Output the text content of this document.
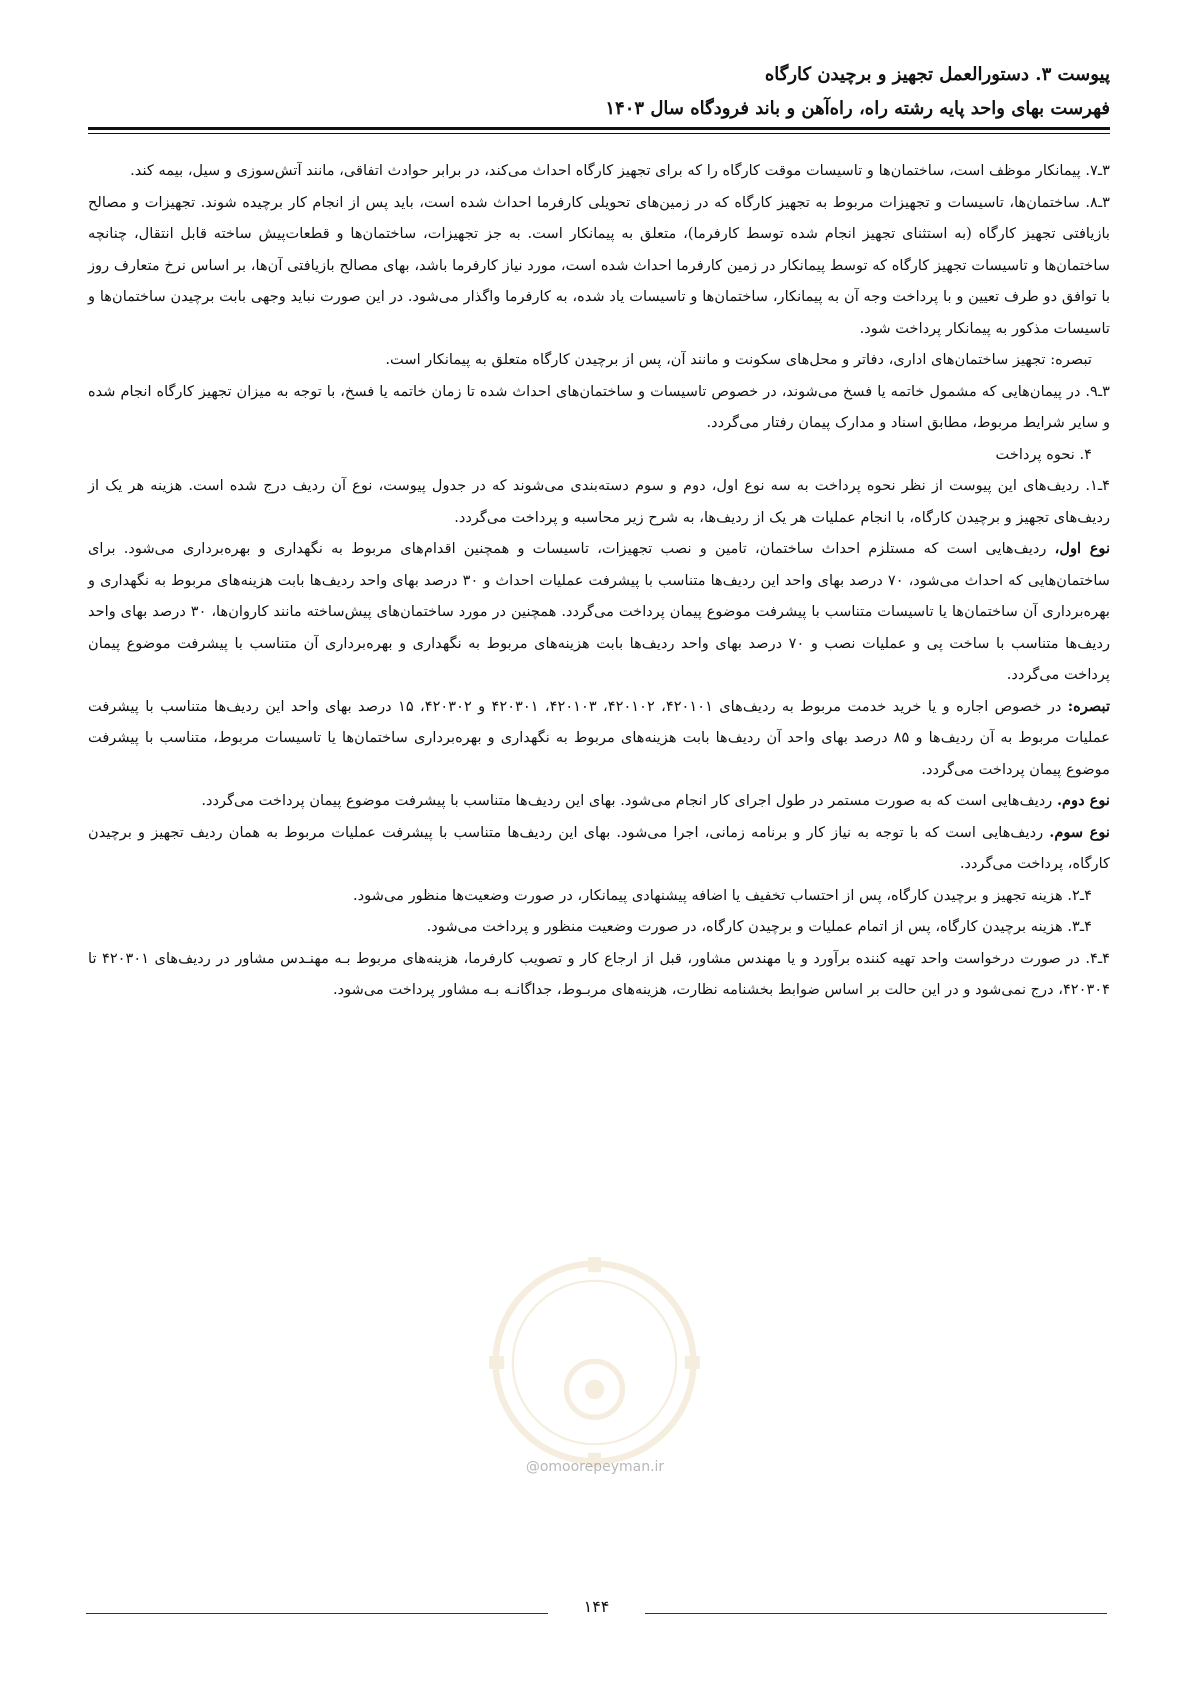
پیوست ۳. دستورالعمل تجهیز و برچیدن کارگاه
فهرست بهای واحد پایه رشته راه، راه‌آهن و باند فرودگاه سال ۱۴۰۳

۳ـ۷. پیمانکار موظف است، ساختمان‌ها و تاسیسات موقت کارگاه را که برای تجهیز کارگاه احداث می‌کند، در برابر حوادث اتفاقی، مانند آتش‌سوزی و سیل، بیمه کند.

۳ـ۸. ساختمان‌ها، تاسیسات و تجهیزات مربوط به تجهیز کارگاه که در زمین‌های تحویلی کارفرما احداث شده است، باید پس از انجام کار برچیده شوند. تجهیزات و مصالح بازیافتی تجهیز کارگاه (به استثنای تجهیز انجام شده توسط کارفرما)، متعلق به پیمانکار است. به جز تجهیزات، ساختمان‌ها و قطعات‌پیش ساخته قابل انتقال، چنانچه ساختمان‌ها و تاسیسات تجهیز کارگاه که توسط پیمانکار در زمین کارفرما احداث شده است، مورد نیاز کارفرما باشد، بهای مصالح بازیافتی آن‌ها، بر اساس نرخ متعارف روز با توافق دو طرف تعیین و با پرداخت وجه آن به پیمانکار، ساختمان‌ها و تاسیسات یاد شده، به کارفرما واگذار می‌شود. در این صورت نباید وجهی بابت برچیدن ساختمان‌ها و تاسیسات مذکور به پیمانکار پرداخت شود.

تبصره: تجهیز ساختمان‌های اداری، دفاتر و محل‌های سکونت و مانند آن، پس از برچیدن کارگاه متعلق به پیمانکار است.

۳ـ۹. در پیمان‌هایی که مشمول خاتمه یا فسخ می‌شوند، در خصوص تاسیسات و ساختمان‌های احداث شده تا زمان خاتمه یا فسخ، با توجه به میزان تجهیز کارگاه انجام شده و سایر شرایط مربوط، مطابق اسناد و مدارک پیمان رفتار می‌گردد.

۴. نحوه پرداخت

۴ـ۱. ردیف‌های این پیوست از نظر نحوه پرداخت به سه نوع اول، دوم و سوم دسته‌بندی می‌شوند که در جدول پیوست، نوع آن ردیف درج شده است. هزینه هر یک از ردیف‌های تجهیز و برچیدن کارگاه، با انجام عملیات هر یک از ردیف‌ها، به شرح زیر محاسبه و پرداخت می‌گردد.

نوع اول، ردیف‌هایی است که مستلزم احداث ساختمان، تامین و نصب تجهیزات، تاسیسات و همچنین اقدام‌های مربوط به نگهداری و بهره‌برداری می‌شود. برای ساختمان‌هایی که احداث می‌شود، ۷۰ درصد بهای واحد این ردیف‌ها متناسب با پیشرفت عملیات احداث و ۳۰ درصد بهای واحد ردیف‌ها بابت هزینه‌های مربوط به نگهداری و بهره‌برداری آن ساختمان‌ها یا تاسیسات متناسب با پیشرفت موضوع پیمان پرداخت می‌گردد. همچنین در مورد ساختمان‌های پیش‌ساخته مانند کاروان‌ها، ۳۰ درصد بهای واحد ردیف‌ها متناسب با ساخت پی و عملیات نصب و ۷۰ درصد بهای واحد ردیف‌ها بابت هزینه‌های مربوط به نگهداری و بهره‌برداری آن متناسب با پیشرفت موضوع پیمان پرداخت می‌گردد.

تبصره: در خصوص اجاره و یا خرید خدمت مربوط به ردیف‌های ۴۲۰۱۰۱، ۴۲۰۱۰۲، ۴۲۰۱۰۳، ۴۲۰۳۰۱ و ۴۲۰۳۰۲، ۱۵ درصد بهای واحد این ردیف‌ها متناسب با پیشرفت عملیات مربوط به آن ردیف‌ها و ۸۵ درصد بهای واحد آن ردیف‌ها بابت هزینه‌های مربوط به نگهداری و بهره‌برداری ساختمان‌ها یا تاسیسات مربوط، متناسب با پیشرفت موضوع پیمان پرداخت می‌گردد.

نوع دوم. ردیف‌هایی است که به صورت مستمر در طول اجرای کار انجام می‌شود. بهای این ردیف‌ها متناسب با پیشرفت موضوع پیمان پرداخت می‌گردد.

نوع سوم. ردیف‌هایی است که با توجه به نیاز کار و برنامه زمانی، اجرا می‌شود. بهای این ردیف‌ها متناسب با پیشرفت عملیات مربوط به همان ردیف تجهیز و برچیدن کارگاه، پرداخت می‌گردد.

۴ـ۲. هزینه تجهیز و برچیدن کارگاه، پس از احتساب تخفیف یا اضافه پیشنهادی پیمانکار، در صورت وضعیت‌ها منظور می‌شود.

۴ـ۳. هزینه برچیدن کارگاه، پس از اتمام عملیات و برچیدن کارگاه، در صورت وضعیت منظور و پرداخت می‌شود.

۴ـ۴. در صورت درخواست واحد تهیه کننده برآورد و یا مهندس مشاور، قبل از ارجاع کار و تصویب کارفرما، هزینه‌های مربوط بـه مهنـدس مشاور در ردیف‌های ۴۲۰۳۰۱ تا ۴۲۰۳۰۴، درج نمی‌شود و در این حالت بر اساس ضوابط بخشنامه نظارت، هزینه‌های مربـوط، جداگانـه بـه مشاور پرداخت می‌شود.

@omoorepeyman.ir
۱۴۴
